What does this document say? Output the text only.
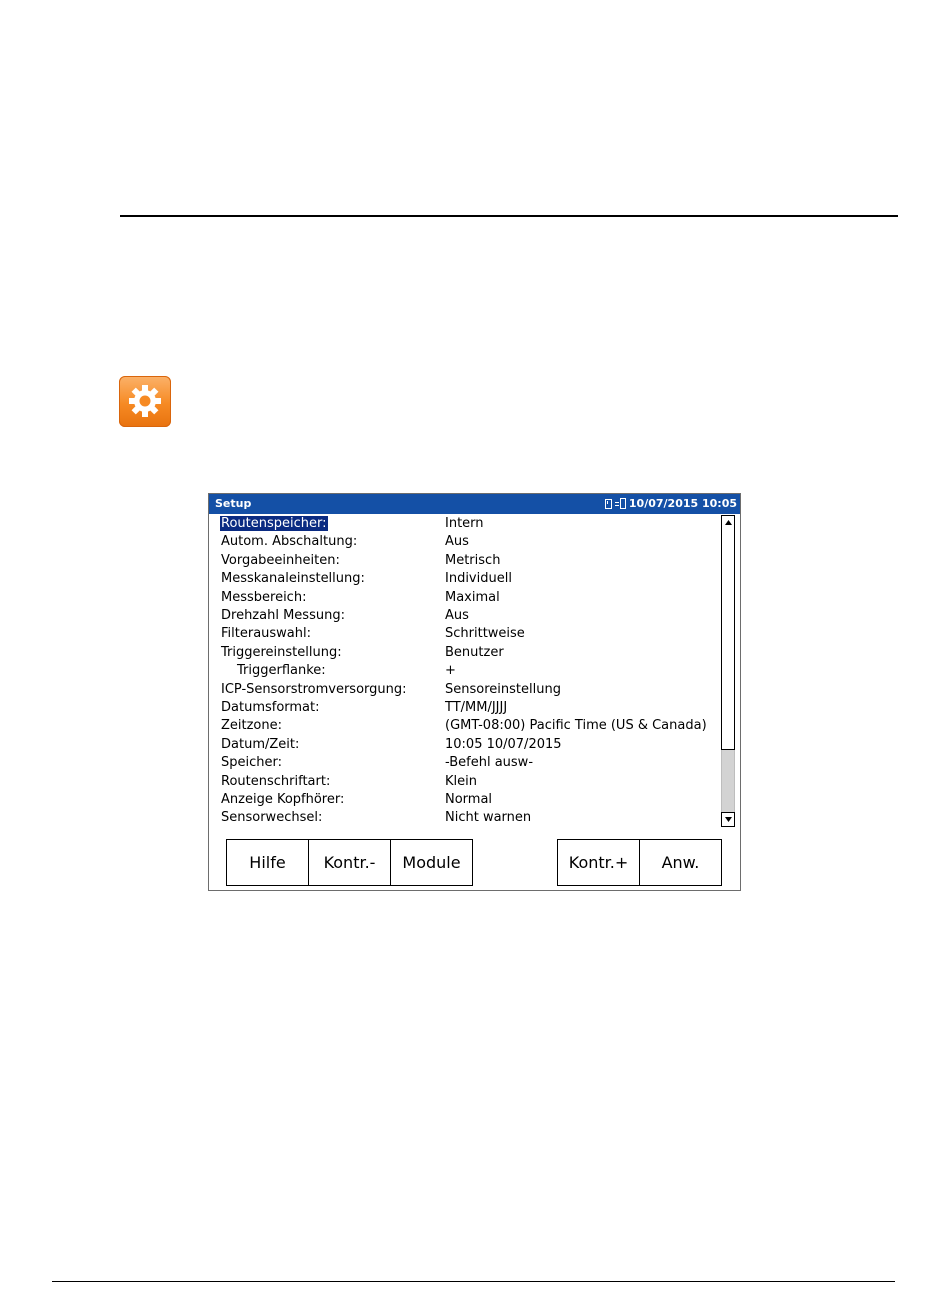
Setup	10/07/2015 10:05
Routenspeicher:	Intern
Autom. Abschaltung:	Aus
Vorgabeeinheiten:	Metrisch
Messkanaleinstellung:	Individuell
Messbereich:	Maximal
Drehzahl Messung:	Aus
Filterauswahl:	Schrittweise
Triggereinstellung:	Benutzer
Triggerflanke:	+
ICP-Sensorstromversorgung:	Sensoreinstellung
Datumsformat:	TT/MM/JJJJ
Zeitzone:	(GMT-08:00) Pacific Time (US & Canada)
Datum/Zeit:	10:05 10/07/2015
Speicher:	-Befehl ausw-
Routenschriftart:	Klein
Anzeige Kopfhörer:	Normal
Sensorwechsel:	Nicht warnen
Hilfe	Kontr.-	Module	Kontr.+	Anw.
